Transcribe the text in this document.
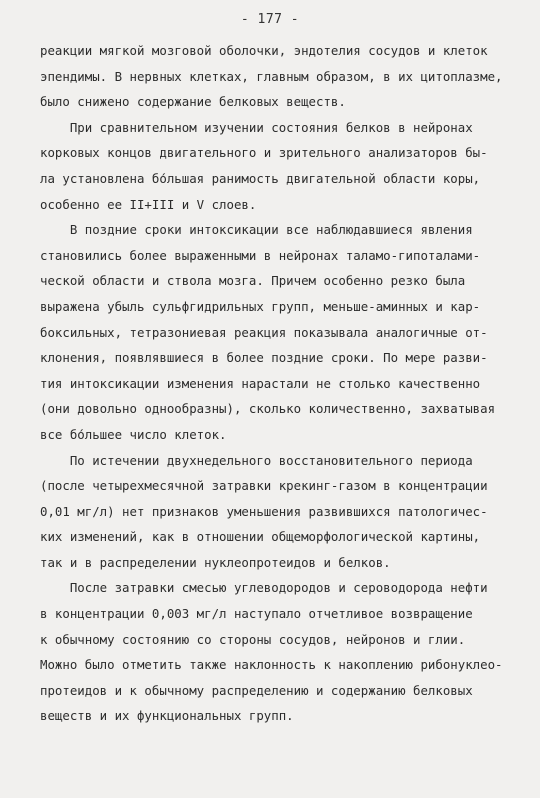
- 177 -
реакции мягкой мозговой оболочки, эндотелия сосудов и клеток
эпендимы. В нервных клетках, главным образом, в их цитоплазме,
было снижено содержание белковых веществ.
При сравнительном изучении состояния белков в нейронах
корковых концов двигательного и зрительного анализаторов бы-
ла установлена бо́льшая ранимость двигательной области коры,
особенно ее II+III и V слоев.
В поздние сроки интоксикации все наблюдавшиеся явления
становились более выраженными в нейронах таламо-гипоталами-
ческой области и ствола мозга. Причем особенно резко была
выражена убыль сульфгидрильных групп, меньше-аминных и кар-
боксильных, тетразониевая реакция показывала аналогичные от-
клонения, появлявшиеся в более поздние сроки. По мере разви-
тия интоксикации изменения нарастали не столько качественно
(они довольно однообразны), сколько количественно, захватывая
все бо́льшее число клеток.
По истечении двухнедельного восстановительного периода
(после четырехмесячной затравки крекинг-газом в концентрации
0,01 мг/л) нет признаков уменьшения развившихся патологичес-
ких изменений, как в отношении общеморфологической картины,
так и в распределении нуклеопротеидов и белков.
После затравки смесью углеводородов и сероводорода нефти
в концентрации 0,003 мг/л наступало отчетливое возвращение
к обычному состоянию со стороны сосудов, нейронов и глии.
Можно было отметить также наклонность к накоплению рибонуклео-
протеидов и к обычному распределению и содержанию белковых
веществ и их функциональных групп.
